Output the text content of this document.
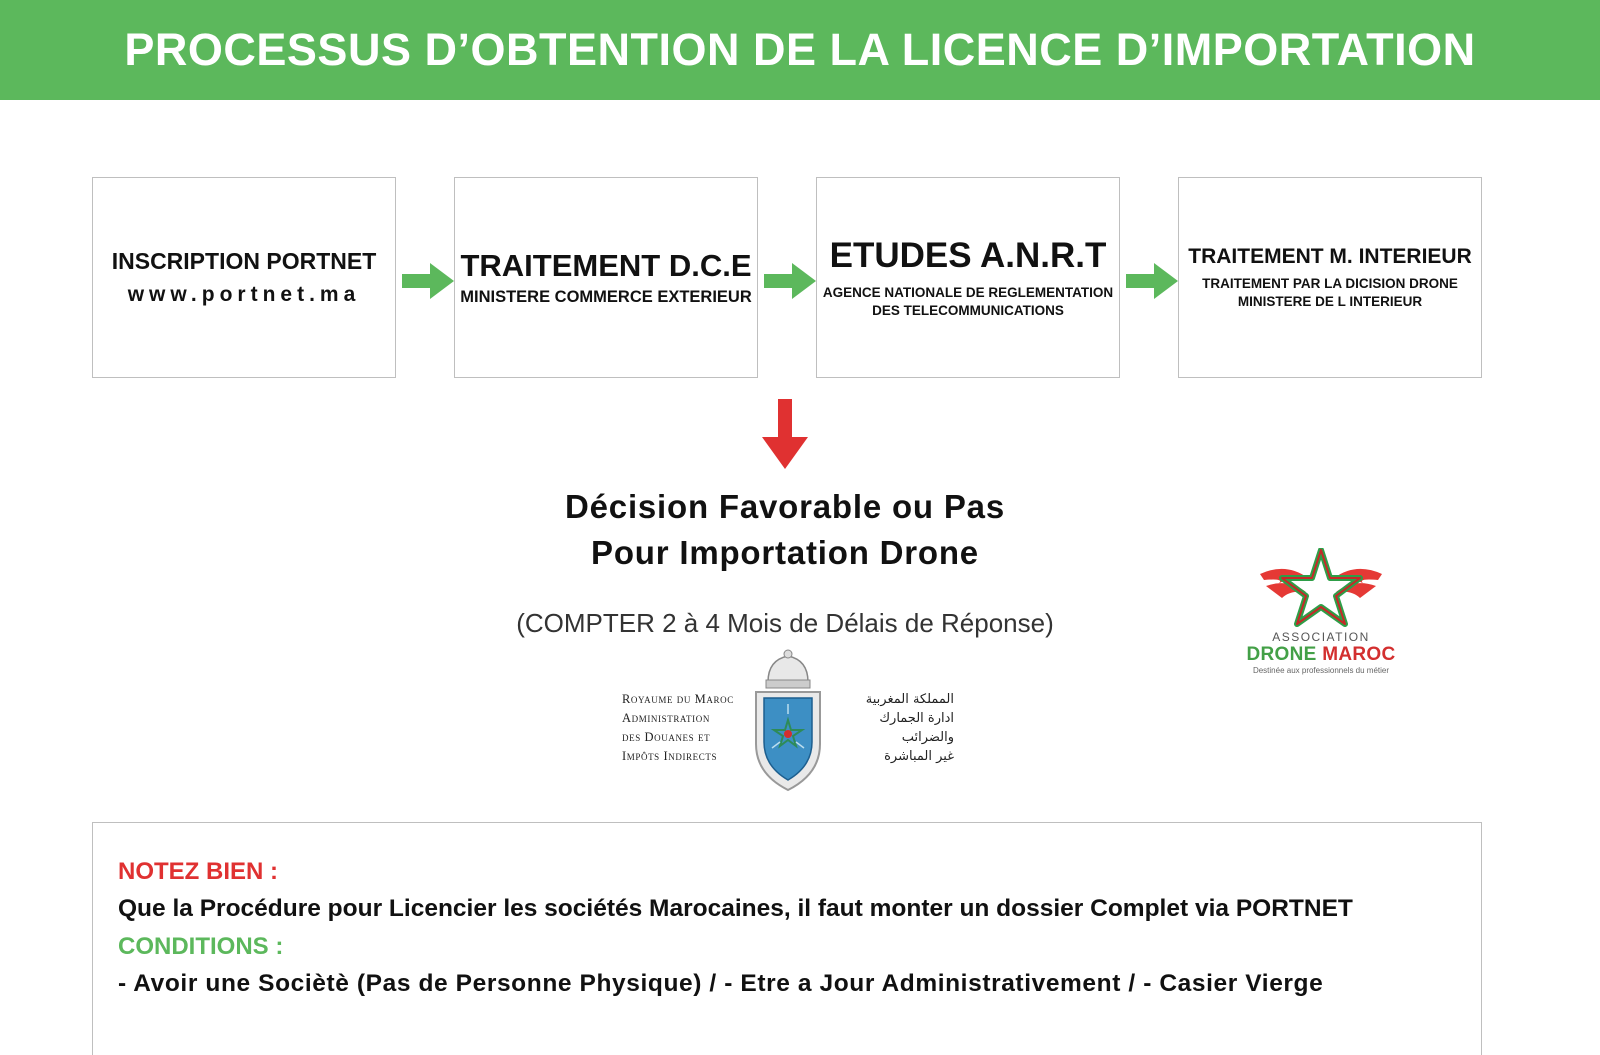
PROCESSUS D’OBTENTION DE LA LICENCE D’IMPORTATION
INSCRIPTION PORTNET
www.portnet.ma
TRAITEMENT D.C.E
MINISTERE COMMERCE EXTERIEUR
ETUDES A.N.R.T
AGENCE NATIONALE DE REGLEMENTATION
DES TELECOMMUNICATIONS
TRAITEMENT M. INTERIEUR
TRAITEMENT PAR LA DICISION DRONE
MINISTERE DE L INTERIEUR
Décision Favorable ou Pas
Pour Importation Drone
(COMPTER 2 à 4 Mois de Délais de Réponse)
Royaume du Maroc
Administration
des Douanes et
Impôts Indirects
المملكة المغربية
ادارة الجمارك
والضرائب
غير المباشرة
ASSOCIATION
DRONE MAROC
Destinée aux professionnels du métier
NOTEZ BIEN :
Que la Procédure pour Licencier les sociétés Marocaines, il faut monter un dossier Complet via PORTNET
CONDITIONS :
- Avoir une Sociètè (Pas de Personne Physique) / - Etre a Jour Administrativement / - Casier Vierge
